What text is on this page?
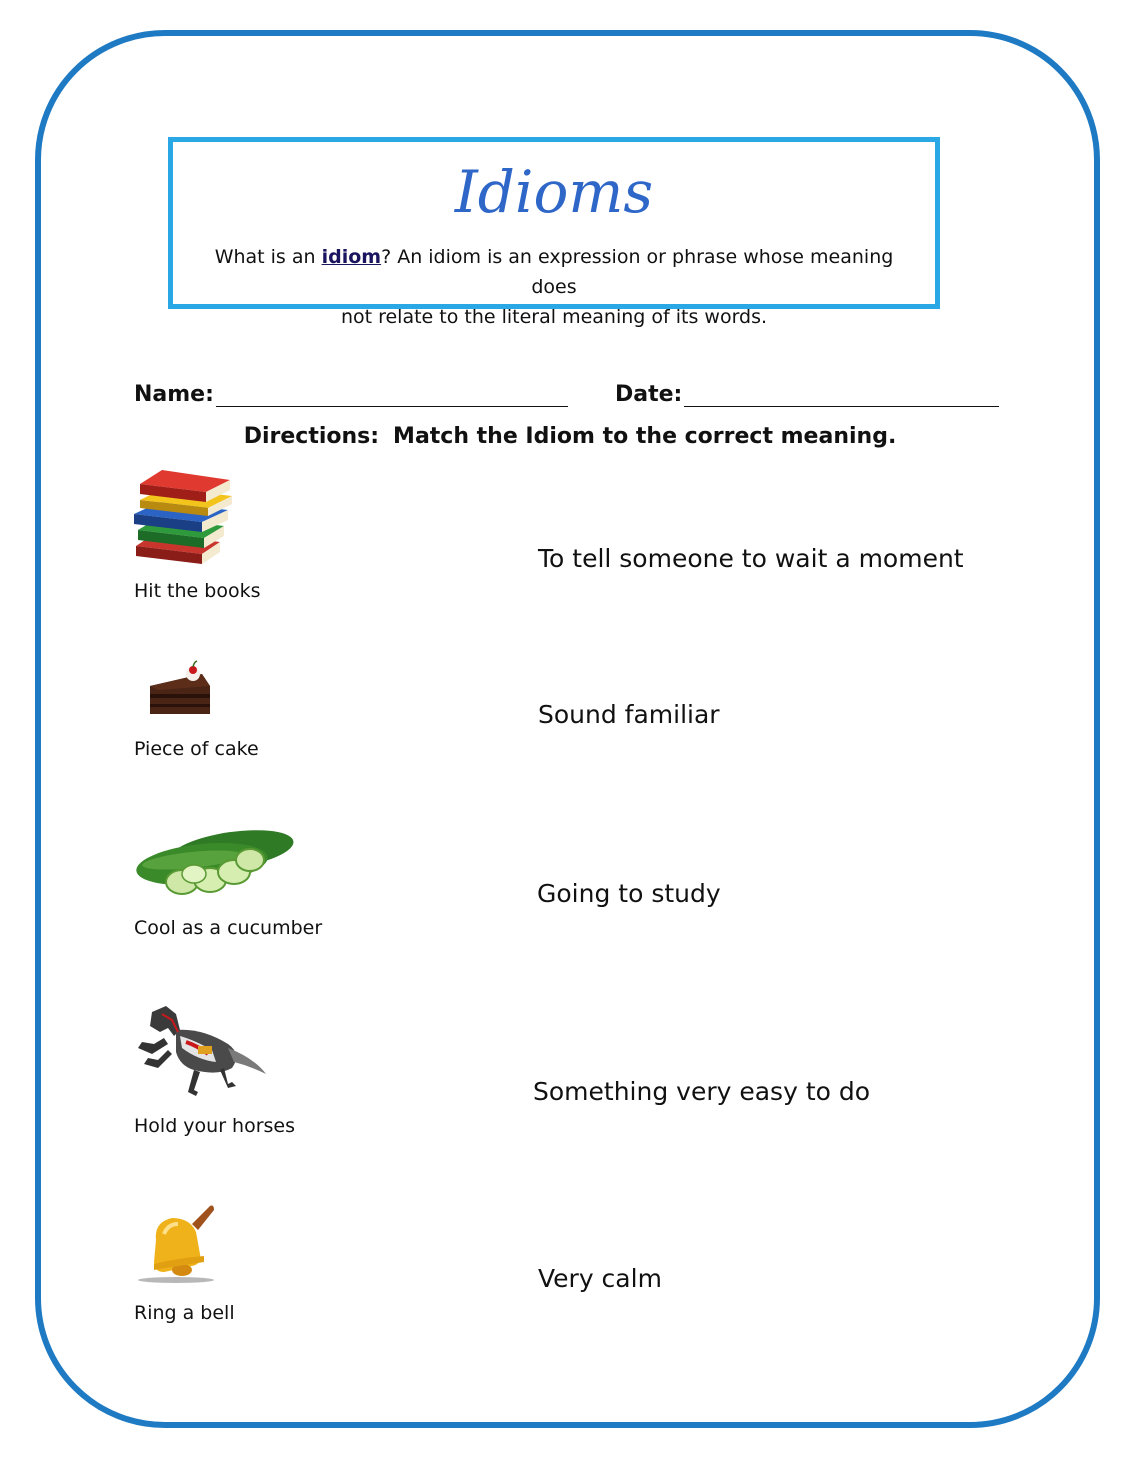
Idioms
What is an idiom? An idiom is an expression or phrase whose meaning does
not relate to the literal meaning of its words.
Name:	Date:
Directions: Match the Idiom to the correct meaning.
Hit the books
Piece of cake
Cool as a cucumber
Hold your horses
Ring a bell
To tell someone to wait a moment
Sound familiar
Going to study
Something very easy to do
Very calm
